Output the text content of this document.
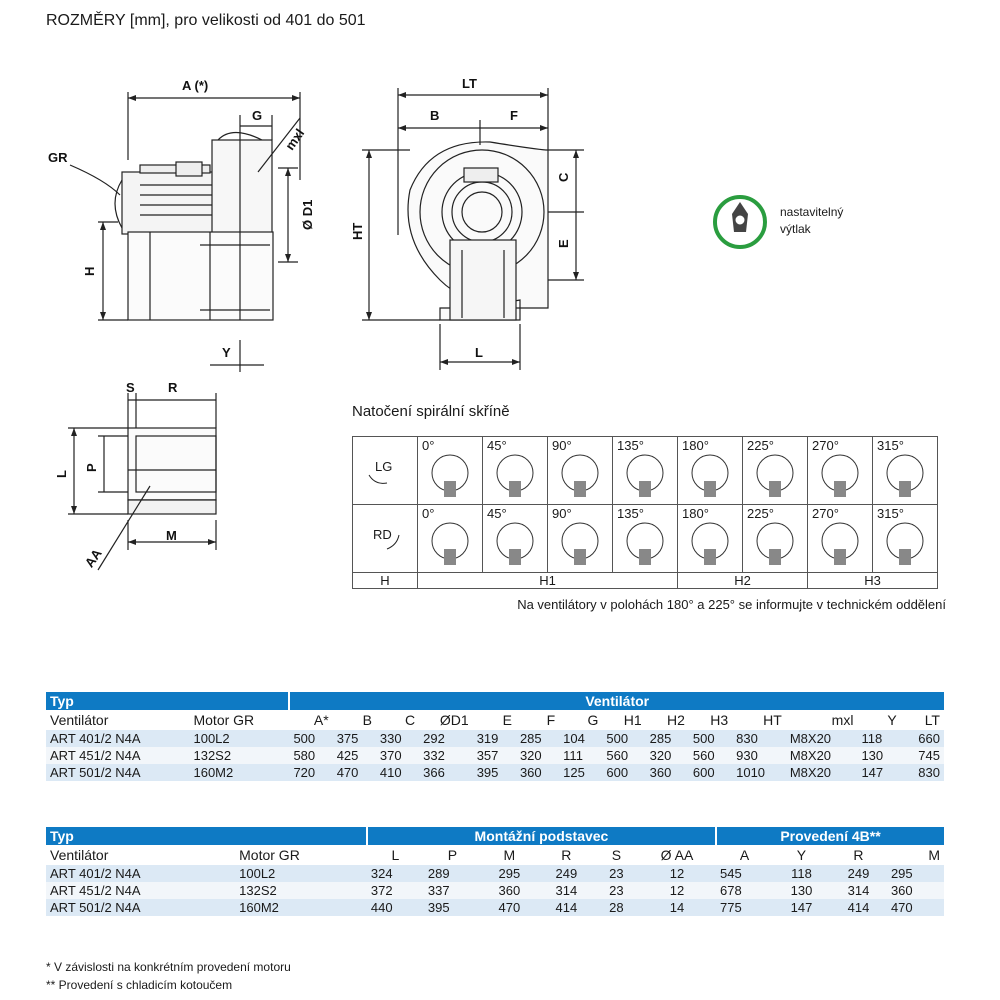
ROZMĚRY [mm], pro velikosti od 401 do 501
A (*)
G
mxl
GR
Ø D1
H
Y
LT
B	F
C
HT
E
L
S	R
L
P
M
AA
nastavitelný
výtlak
Natočení spirální skříně
LG	0°	45°	90°	135°	180°	225°	270°	315°

RD	0°	45°	90°	135°	180°	225°	270°	315°

H	H1				H2		H3	
Na ventilátory v polohách 180° a 225° se informujte v technickém oddělení
Typ		Ventilátor													
Ventilátor	Motor GR	A*	B	C	ØD1	E	F	G	H1	H2	H3	HT	mxl	Y	LT
ART 401/2 N4A	100L2	500	375	330	292	319	285	104	500	285	500	830	M8X20	118	660
ART 451/2 N4A	132S2	580	425	370	332	357	320	111	560	320	560	930	M8X20	130	745
ART 501/2 N4A	160M2	720	470	410	366	395	360	125	600	360	600	1010	M8X20	147	830
Typ		Montážní podstavec						Provedení 4B**			
Ventilátor	Motor GR	L	P	M	R	S	Ø AA	A	Y	R	M
ART 401/2 N4A	100L2	324	289	295	249	23	12	545	118	249	295
ART 451/2 N4A	132S2	372	337	360	314	23	12	678	130	314	360
ART 501/2 N4A	160M2	440	395	470	414	28	14	775	147	414	470
* V závislosti na konkrétním provedení motoru
** Provedení s chladicím kotoučem
